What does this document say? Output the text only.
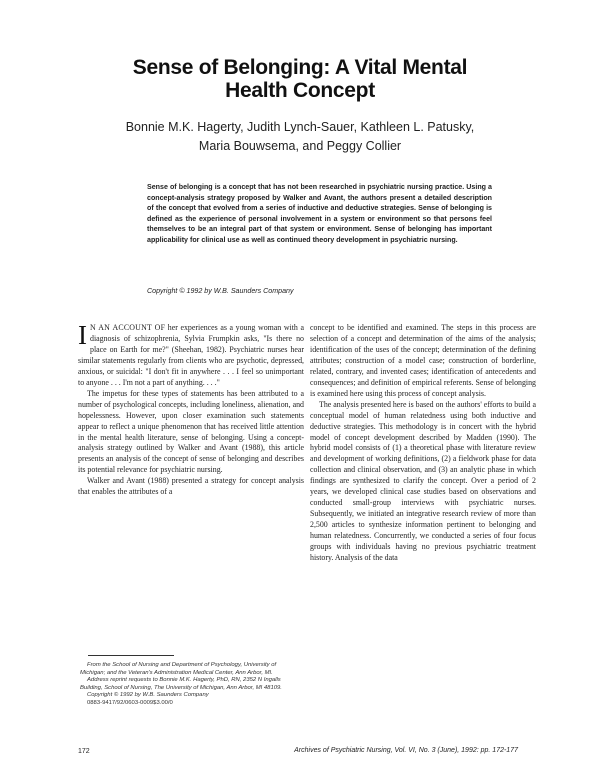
Sense of Belonging: A Vital Mental
Health Concept
Bonnie M.K. Hagerty, Judith Lynch-Sauer, Kathleen L. Patusky,
Maria Bouwsema, and Peggy Collier
Sense of belonging is a concept that has not been researched in psychiatric nursing practice. Using a concept-analysis strategy proposed by Walker and Avant, the authors present a detailed description of the concept that evolved from a series of inductive and deductive strategies. Sense of belonging is defined as the experience of personal involvement in a system or environment so that persons feel themselves to be an integral part of that system or environment. Sense of belonging has important applicability for clinical use as well as continued theory development in psychiatric nursing.
Copyright © 1992 by W.B. Saunders Company

I N AN ACCOUNT OF her experiences as a young woman with a diagnosis of schizophrenia, Sylvia Frumpkin asks, "Is there no place on Earth for me?" (Sheehan, 1982). Psychiatric nurses hear similar statements regularly from clients who are psychotic, depressed, anxious, or suicidal: "I don't fit in anywhere . . . I feel so unimportant to anyone . . . I'm not a part of anything. . . ."

The impetus for these types of statements has been attributed to a number of psychological concepts, including loneliness, alienation, and hopelessness. However, upon closer examination such statements appear to reflect a unique phenomenon that has received little attention in the mental health literature, sense of belonging. Using a concept-analysis strategy outlined by Walker and Avant (1988), this article presents an analysis of the concept of sense of belonging and describes its potential relevance for psychiatric nursing.

Walker and Avant (1988) presented a strategy for concept analysis that enables the attributes of a

concept to be identified and examined. The steps in this process are selection of a concept and determination of the aims of the analysis; identification of the uses of the concept; determination of the defining attributes; construction of a model case; construction of borderline, related, contrary, and invented cases; identification of antecedents and consequences; and definition of empirical referents. Sense of belonging is examined here using this process of concept analysis.

The analysis presented here is based on the authors' efforts to build a conceptual model of human relatedness using both inductive and deductive strategies. This methodology is in concert with the hybrid model of concept development described by Madden (1990). The hybrid model consists of (1) a theoretical phase with literature review and development of working definitions, (2) a fieldwork phase for data collection and clinical observation, and (3) an analytic phase in which findings are synthesized to clarify the concept. Over a period of 2 years, we developed clinical case studies based on observations and conducted small-group interviews with psychiatric nurses. Subsequently, we initiated an integrative research review of more than 2,500 articles to synthesize information pertinent to belonging and human relatedness. Concurrently, we conducted a series of four focus groups with individuals having no previous psychiatric treatment history. Analysis of the data

From the School of Nursing and Department of Psychology, University of Michigan; and the Veteran's Administration Medical Center, Ann Arbor, MI.

Address reprint requests to Bonnie M.K. Hagerty, PhD, RN, 2352 N Ingalls Building, School of Nursing, The University of Michigan, Ann Arbor, MI 48109.

Copyright © 1992 by W.B. Saunders Company

0883-9417/92/0603-0009$3.00/0

172	Archives of Psychiatric Nursing, Vol. VI, No. 3 (June), 1992: pp. 172-177
